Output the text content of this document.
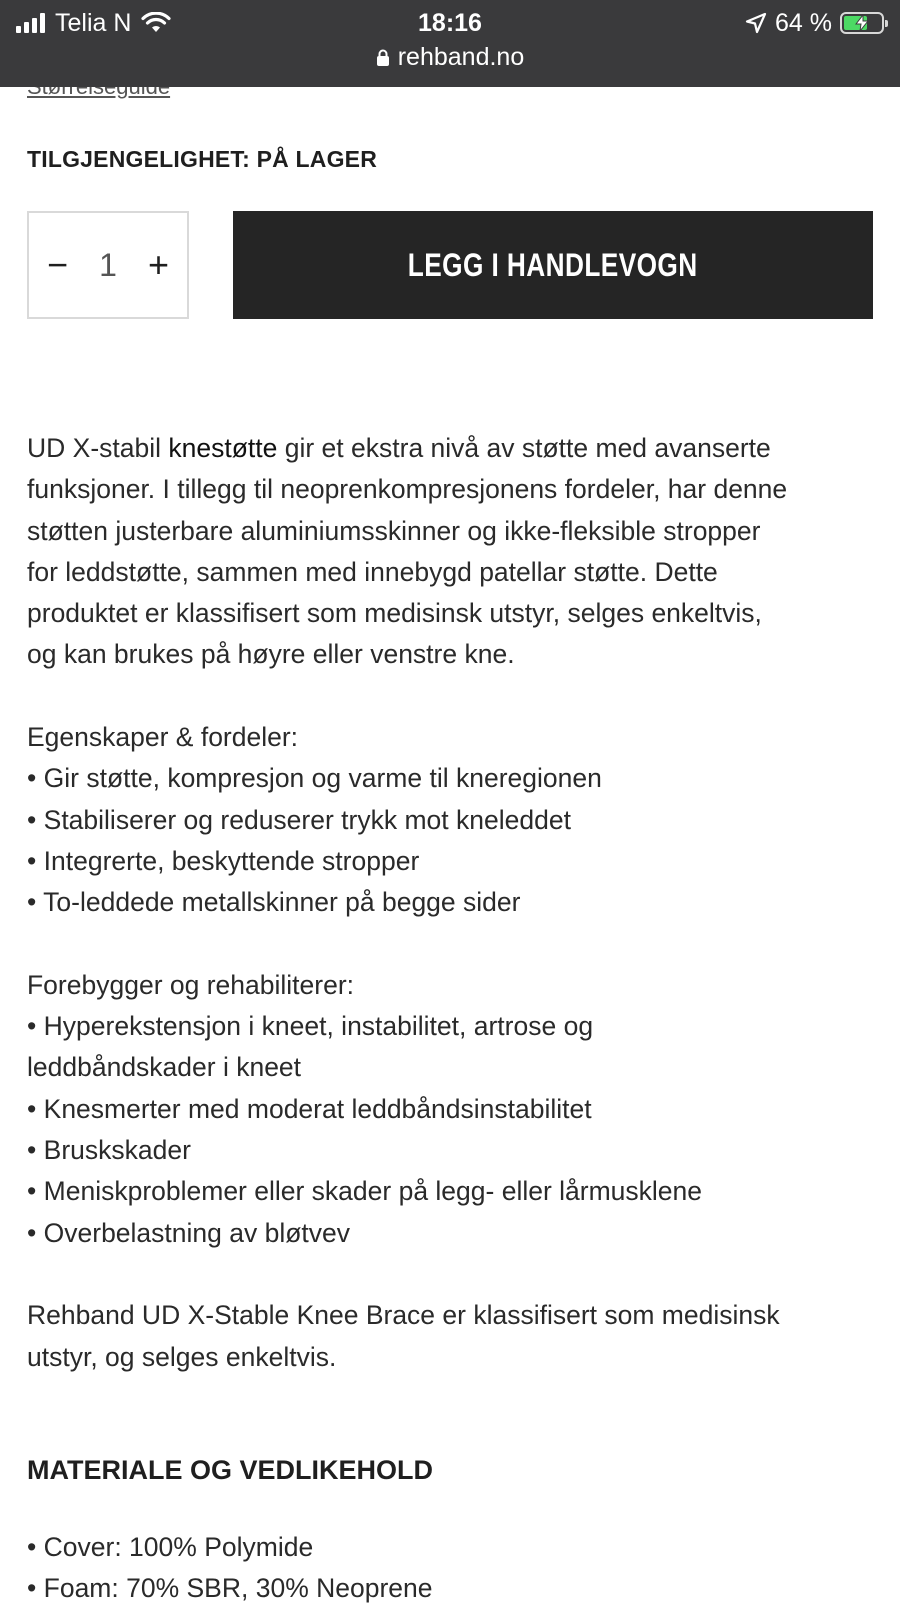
Telia N	18:16	64 %
rehband.no
TILGJENGELIGHET: PÅ LAGER
− 1 +	LEGG I HANDLEVOGN

UD X-stabil knestøtte gir et ekstra nivå av støtte med avanserte
funksjoner. I tillegg til neoprenkompresjonens fordeler, har denne
støtten justerbare aluminiumsskinner og ikke-fleksible stropper
for leddstøtte, sammen med innebygd patellar støtte. Dette
produktet er klassifisert som medisinsk utstyr, selges enkeltvis,
og kan brukes på høyre eller venstre kne.

Egenskaper & fordeler:
• Gir støtte, kompresjon og varme til kneregionen
• Stabiliserer og reduserer trykk mot kneleddet
• Integrerte, beskyttende stropper
• To-leddede metallskinner på begge sider

Forebygger og rehabiliterer:
• Hyperekstensjon i kneet, instabilitet, artrose og
leddbåndskader i kneet
• Knesmerter med moderat leddbåndsinstabilitet
• Bruskskader
• Meniskproblemer eller skader på legg- eller lårmusklene
• Overbelastning av bløtvev

Rehband UD X-Stable Knee Brace er klassifisert som medisinsk
utstyr, og selges enkeltvis.

MATERIALE OG VEDLIKEHOLD
• Cover: 100% Polymide
• Foam: 70% SBR, 30% Neoprene
